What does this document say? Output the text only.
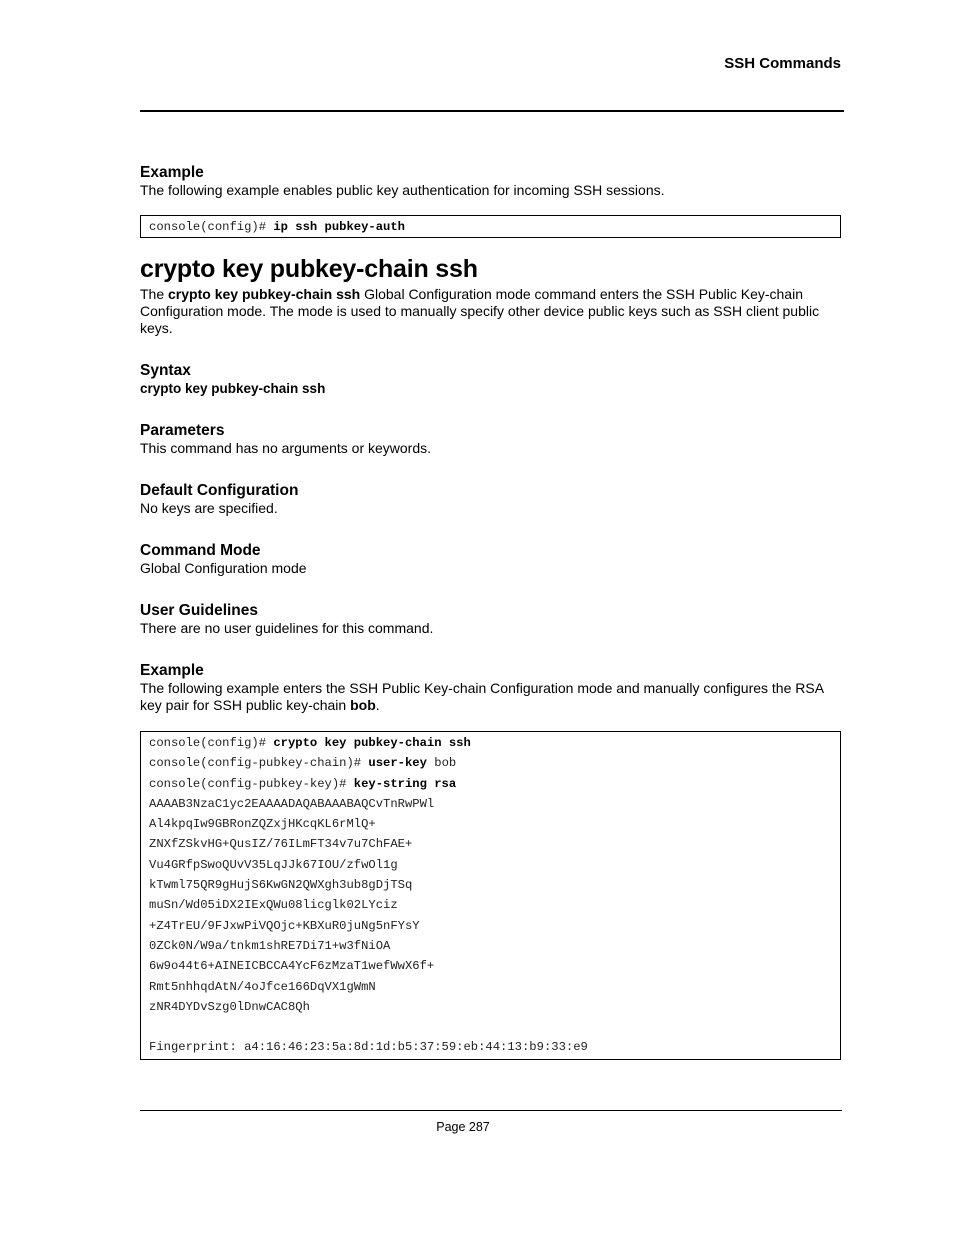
SSH Commands
Example
The following example enables public key authentication for incoming SSH sessions.
console(config)# ip ssh pubkey-auth
crypto key pubkey-chain ssh
The crypto key pubkey-chain ssh Global Configuration mode command enters the SSH Public Key-chain Configuration mode. The mode is used to manually specify other device public keys such as SSH client public keys.
Syntax
crypto key pubkey-chain ssh
Parameters
This command has no arguments or keywords.
Default Configuration
No keys are specified.
Command Mode
Global Configuration mode
User Guidelines
There are no user guidelines for this command.
Example
The following example enters the SSH Public Key-chain Configuration mode and manually configures the RSA key pair for SSH public key-chain bob.
console(config)# crypto key pubkey-chain ssh
console(config-pubkey-chain)# user-key bob
console(config-pubkey-key)# key-string rsa
AAAAB3NzaC1yc2EAAAADAQABAAABAQCvTnRwPWl
Al4kpqIw9GBRonZQZxjHKcqKL6rMlQ+
ZNXfZSkvHG+QusIZ/76ILmFT34v7u7ChFAE+
Vu4GRfpSwoQUvV35LqJJk67IOU/zfwOl1g
kTwml75QR9gHujS6KwGN2QWXgh3ub8gDjTSq
muSn/Wd05iDX2IExQWu08licglk02LYciz
+Z4TrEU/9FJxwPiVQOjc+KBXuR0juNg5nFYsY
0ZCk0N/W9a/tnkm1shRE7Di71+w3fNiOA
6w9o44t6+AINEICBCCA4YcF6zMzaT1wefWwX6f+
Rmt5nhhqdAtN/4oJfce166DqVX1gWmN
zNR4DYDvSzg0lDnwCAC8Qh
Fingerprint: a4:16:46:23:5a:8d:1d:b5:37:59:eb:44:13:b9:33:e9
Page 287
